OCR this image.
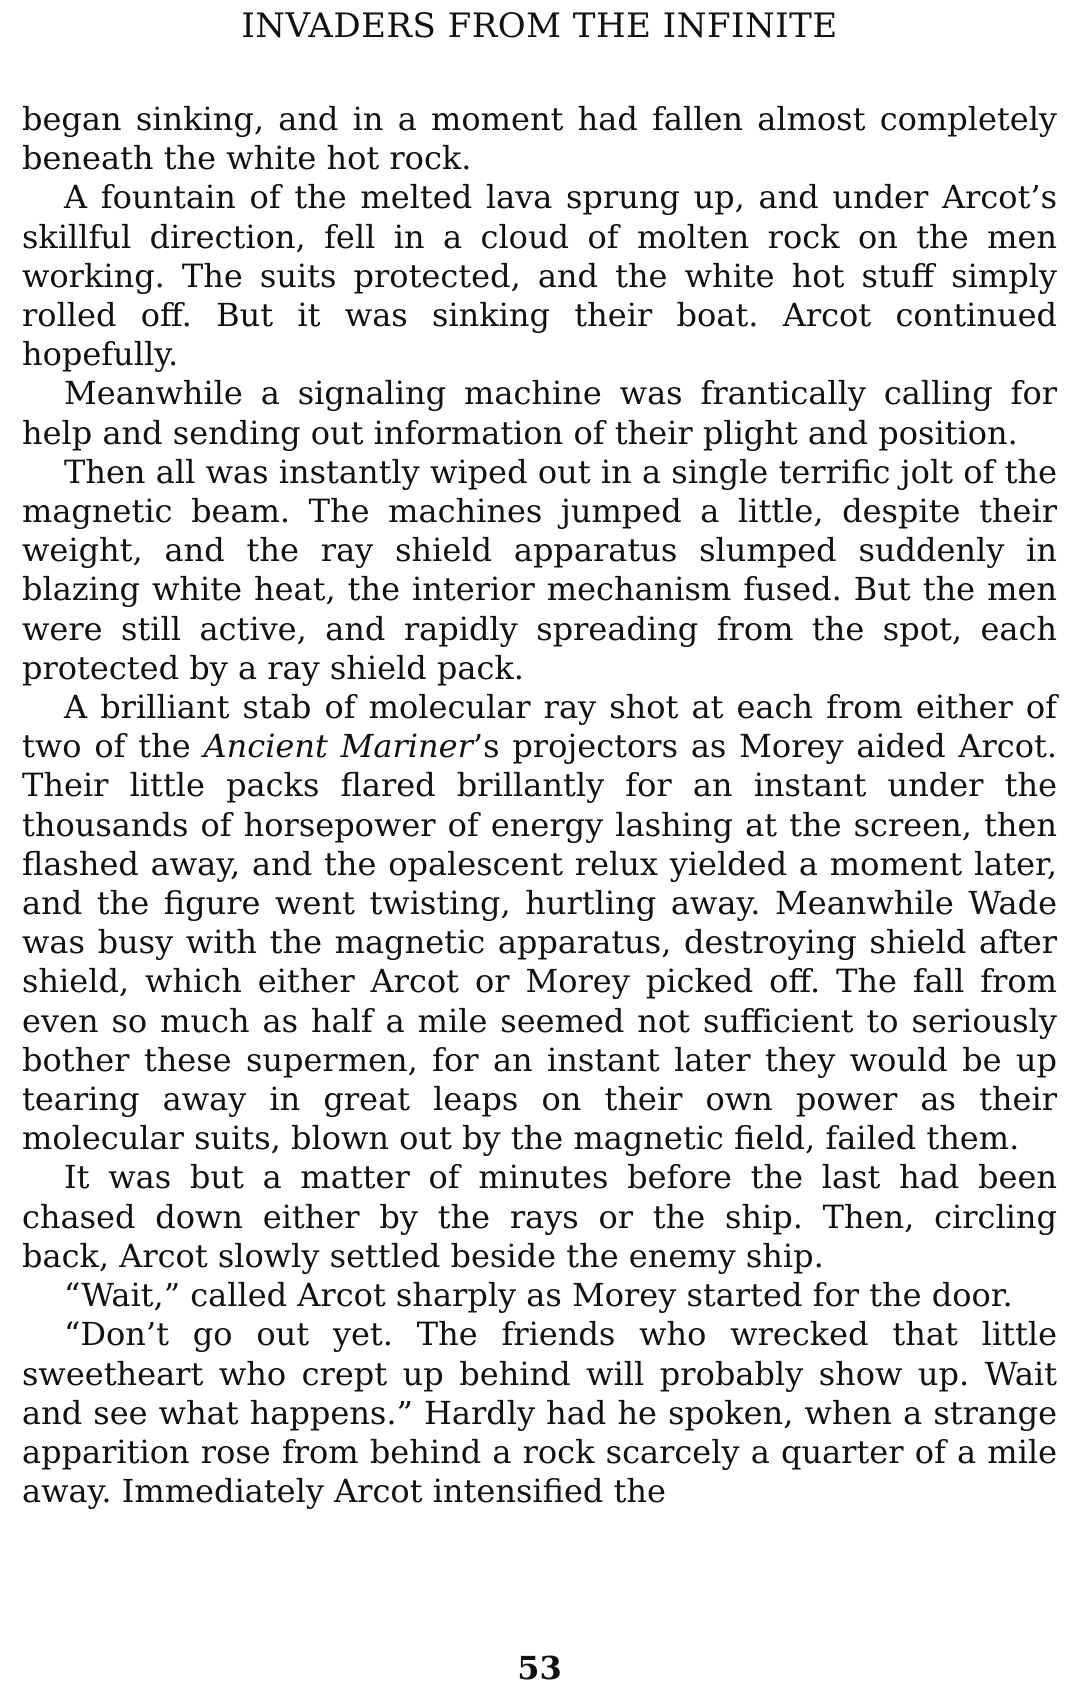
INVADERS FROM THE INFINITE

began sinking, and in a moment had fallen almost completely beneath the white hot rock.

A fountain of the melted lava sprung up, and under Arcot’s skillful direction, fell in a cloud of molten rock on the men working. The suits protected, and the white hot stuff simply rolled off. But it was sinking their boat. Arcot continued hopefully.

Meanwhile a signaling machine was frantically calling for help and sending out information of their plight and position.

Then all was instantly wiped out in a single terrific jolt of the magnetic beam. The machines jumped a little, despite their weight, and the ray shield apparatus slumped suddenly in blazing white heat, the interior mechanism fused. But the men were still active, and rapidly spreading from the spot, each protected by a ray shield pack.

A brilliant stab of molecular ray shot at each from either of two of the Ancient Mariner’s projectors as Morey aided Arcot. Their little packs flared brillantly for an instant under the thousands of horsepower of energy lashing at the screen, then flashed away, and the opalescent relux yielded a moment later, and the figure went twisting, hurtling away. Meanwhile Wade was busy with the magnetic apparatus, destroying shield after shield, which either Arcot or Morey picked off. The fall from even so much as half a mile seemed not sufficient to seriously bother these supermen, for an instant later they would be up tearing away in great leaps on their own power as their molecular suits, blown out by the magnetic field, failed them.

It was but a matter of minutes before the last had been chased down either by the rays or the ship. Then, circling back, Arcot slowly settled beside the enemy ship.

“Wait,” called Arcot sharply as Morey started for the door.

“Don’t go out yet. The friends who wrecked that little sweetheart who crept up behind will probably show up. Wait and see what happens.” Hardly had he spoken, when a strange apparition rose from behind a rock scarcely a quarter of a mile away. Immediately Arcot intensified the

53
